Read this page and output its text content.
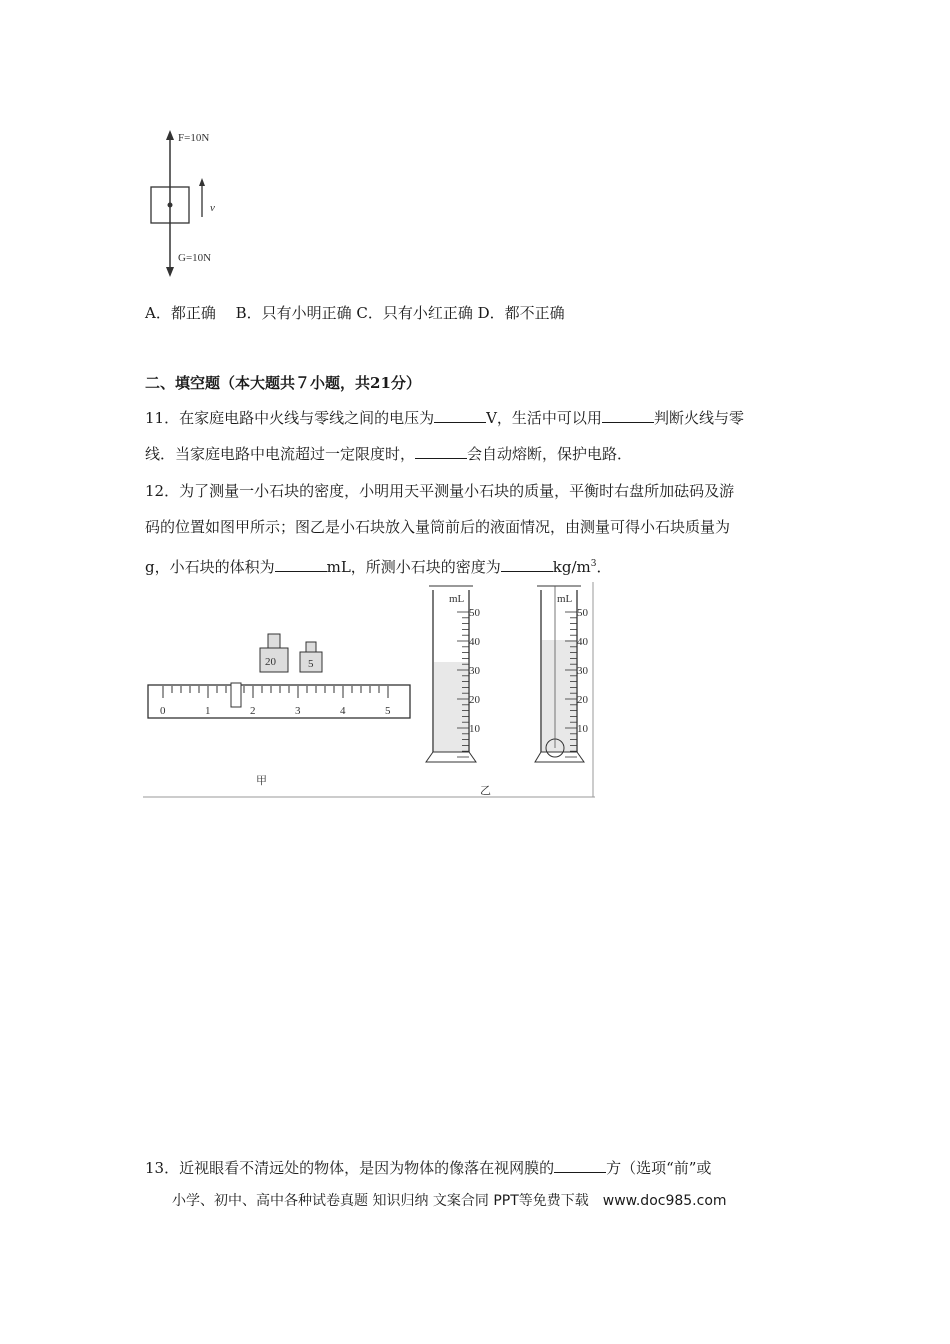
F=10N
v
G=10N
A．都正确　 B．只有小明正确 C．只有小红正确 D．都不正确
二、填空题（本大题共７小题，共21分）
11．在家庭电路中火线与零线之间的电压为	V，生活中可以用	判断火线与零
线．当家庭电路中电流超过一定限度时，	会自动熔断，保护电路．
12．为了测量一小石块的密度，小明用天平测量小石块的质量，平衡时右盘所加砝码及游
码的位置如图甲所示；图乙是小石块放入量筒前后的液面情况，由测量可得小石块质量为
g，小石块的体积为	mL，所测小石块的密度为	$kg/m^3$．
20	5
0	1	2	3	4	5
甲
mL	mL
50
40
30
20
10
50
40
30
20
10
乙
13．近视眼看不清远处的物体，是因为物体的像落在视网膜的	方（选项“前”或
小学、初中、高中各种试卷真题 知识归纳 文案合同 PPT等免费下载　www.doc985.com
